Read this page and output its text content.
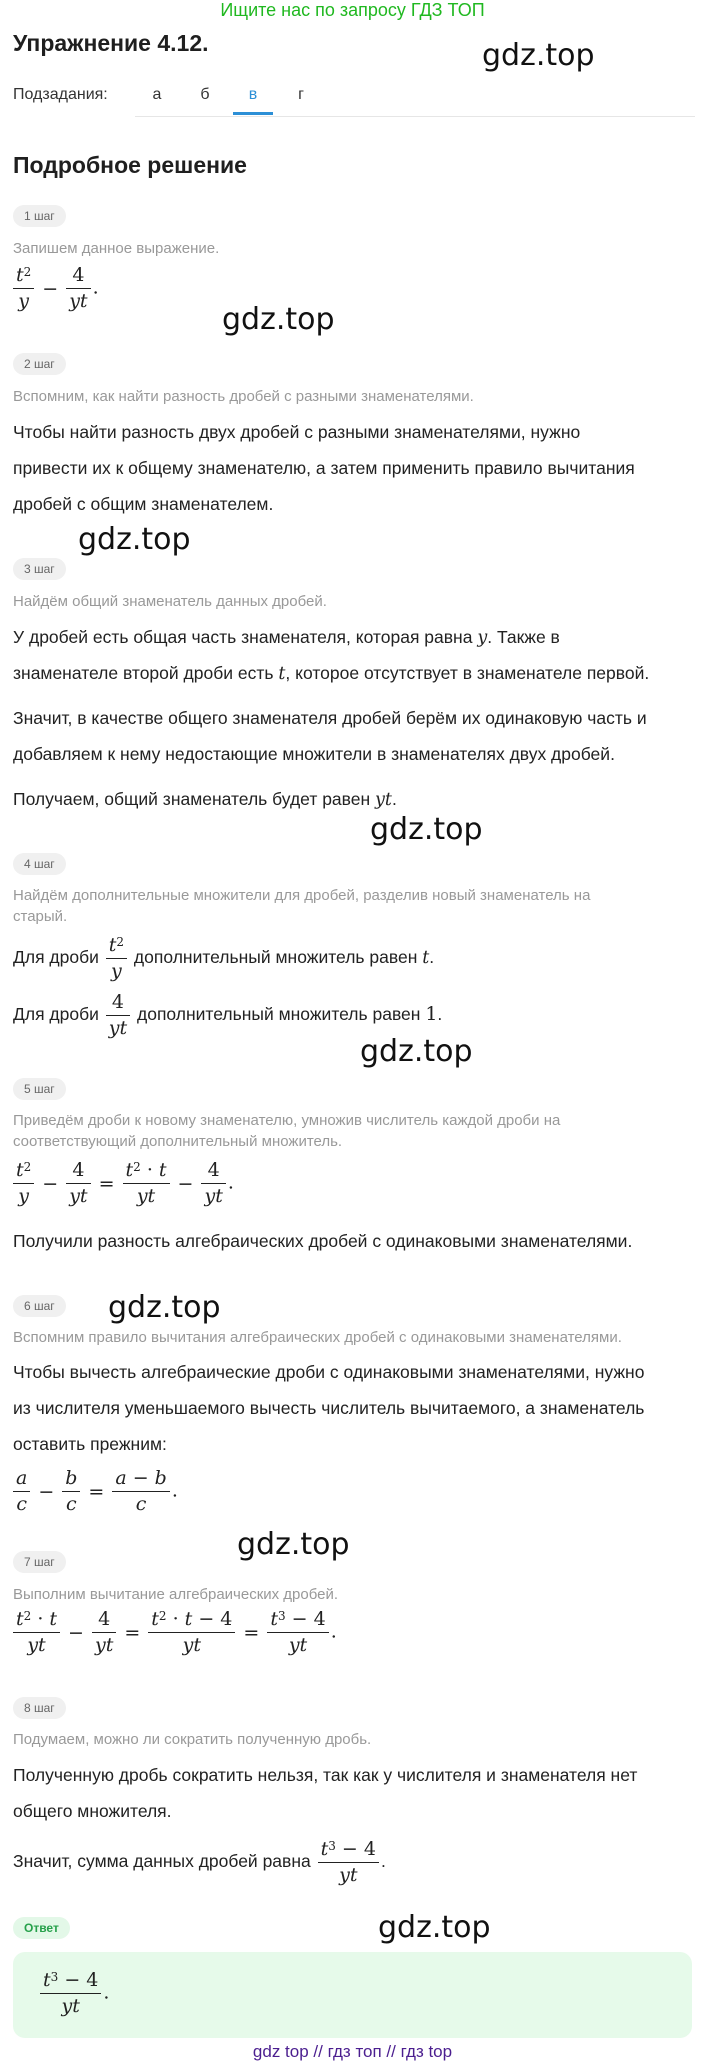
Ищите нас по запросу ГДЗ ТОП
Упражнение 4.12.	gdz.top
Подзадания:	а	б	в	г
Подробное решение
1 шаг
Запишем данное выражение.
$\frac{t^2}{y} - \frac{4}{yt}$ .
gdz.top
2 шаг
Вспомним, как найти разность дробей с разными знаменателями.
Чтобы найти разность двух дробей с разными знаменателями, нужно
привести их к общему знаменателю, а затем применить правило вычитания
дробей с общим знаменателем.
gdz.top
3 шаг
Найдём общий знаменатель данных дробей.
У дробей есть общая часть знаменателя, которая равна y. Также в
знаменателе второй дроби есть t, которое отсутствует в знаменателе первой.
Значит, в качестве общего знаменателя дробей берём их одинаковую часть и
добавляем к нему недостающие множители в знаменателях двух дробей.
Получаем, общий знаменатель будет равен yt.
gdz.top
4 шаг
Найдём дополнительные множители для дробей, разделив новый знаменатель на
старый.
Для дроби $\frac{t^2}{y}$ дополнительный множитель равен t.
Для дроби $\frac{4}{yt}$ дополнительный множитель равен 1.
gdz.top
5 шаг
Приведём дроби к новому знаменателю, умножив числитель каждой дроби на
соответствующий дополнительный множитель.
$\frac{t^2}{y} - \frac{4}{yt} = \frac{t^2 \cdot t}{yt} - \frac{4}{yt}$ .
Получили разность алгебраических дробей с одинаковыми знаменателями.
6 шаг	gdz.top
Вспомним правило вычитания алгебраических дробей с одинаковыми знаменателями.
Чтобы вычесть алгебраические дроби с одинаковыми знаменателями, нужно
из числителя уменьшаемого вычесть числитель вычитаемого, а знаменатель
оставить прежним:
$\frac{a}{c} - \frac{b}{c} = \frac{a - b}{c}$ .
gdz.top
7 шаг
Выполним вычитание алгебраических дробей.
$\frac{t^2 \cdot t}{yt} - \frac{4}{yt} = \frac{t^2 \cdot t - 4}{yt} = \frac{t^3 - 4}{yt}$ .
8 шаг
Подумаем, можно ли сократить полученную дробь.
Полученную дробь сократить нельзя, так как у числителя и знаменателя нет
общего множителя.
Значит, сумма данных дробей равна $\frac{t^3 - 4}{yt}$ .
Ответ	gdz.top
$\frac{t^3 - 4}{yt}$ .
gdz top // гдз топ // гдз top
